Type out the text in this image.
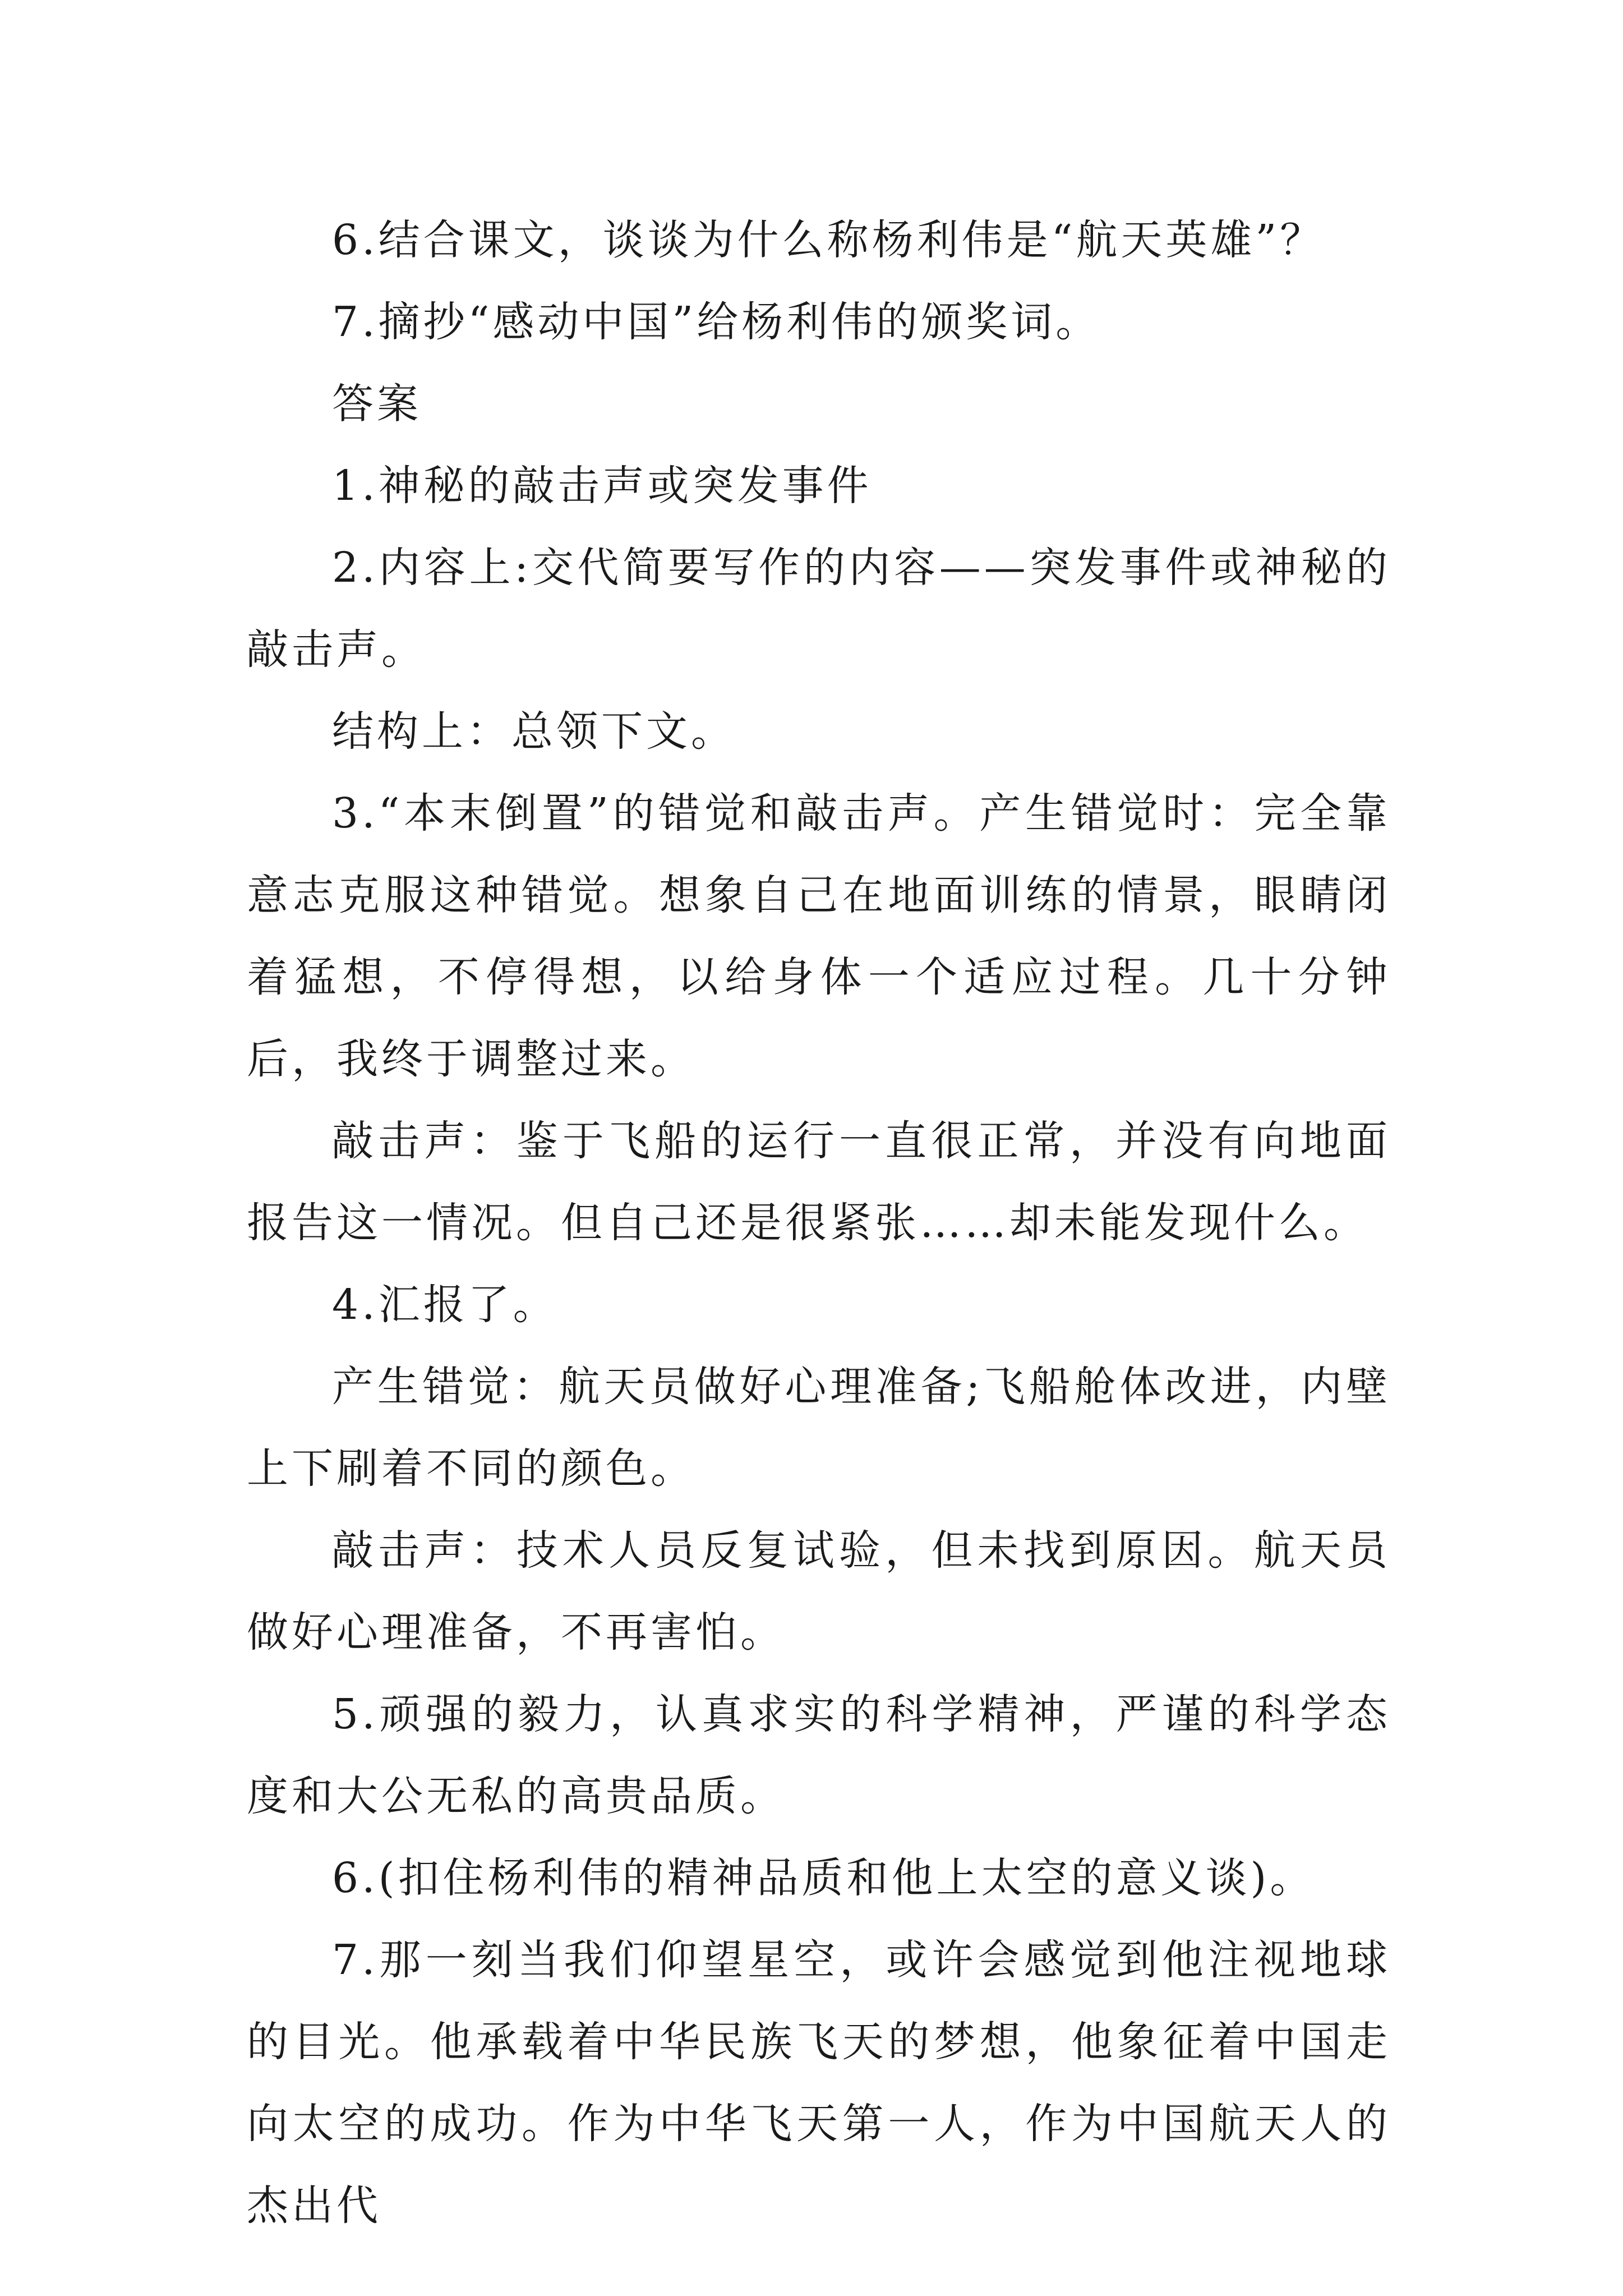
6.结合课文，谈谈为什么称杨利伟是“航天英雄”？

7.摘抄“感动中国”给杨利伟的颁奖词。

答案

1.神秘的敲击声或突发事件

2.内容上:交代简要写作的内容——突发事件或神秘的敲击声。

结构上：总领下文。

3.“本末倒置”的错觉和敲击声。产生错觉时：完全靠意志克服这种错觉。想象自己在地面训练的情景，眼睛闭着猛想，不停得想，以给身体一个适应过程。几十分钟后，我终于调整过来。

敲击声：鉴于飞船的运行一直很正常，并没有向地面报告这一情况。但自己还是很紧张……却未能发现什么。

4.汇报了。

产生错觉：航天员做好心理准备;飞船舱体改进，内壁上下刷着不同的颜色。

敲击声：技术人员反复试验，但未找到原因。航天员做好心理准备，不再害怕。

5.顽强的毅力，认真求实的科学精神，严谨的科学态度和大公无私的高贵品质。

6.(扣住杨利伟的精神品质和他上太空的意义谈)。

7.那一刻当我们仰望星空，或许会感觉到他注视地球的目光。他承载着中华民族飞天的梦想，他象征着中国走向太空的成功。作为中华飞天第一人，作为中国航天人的杰出代
